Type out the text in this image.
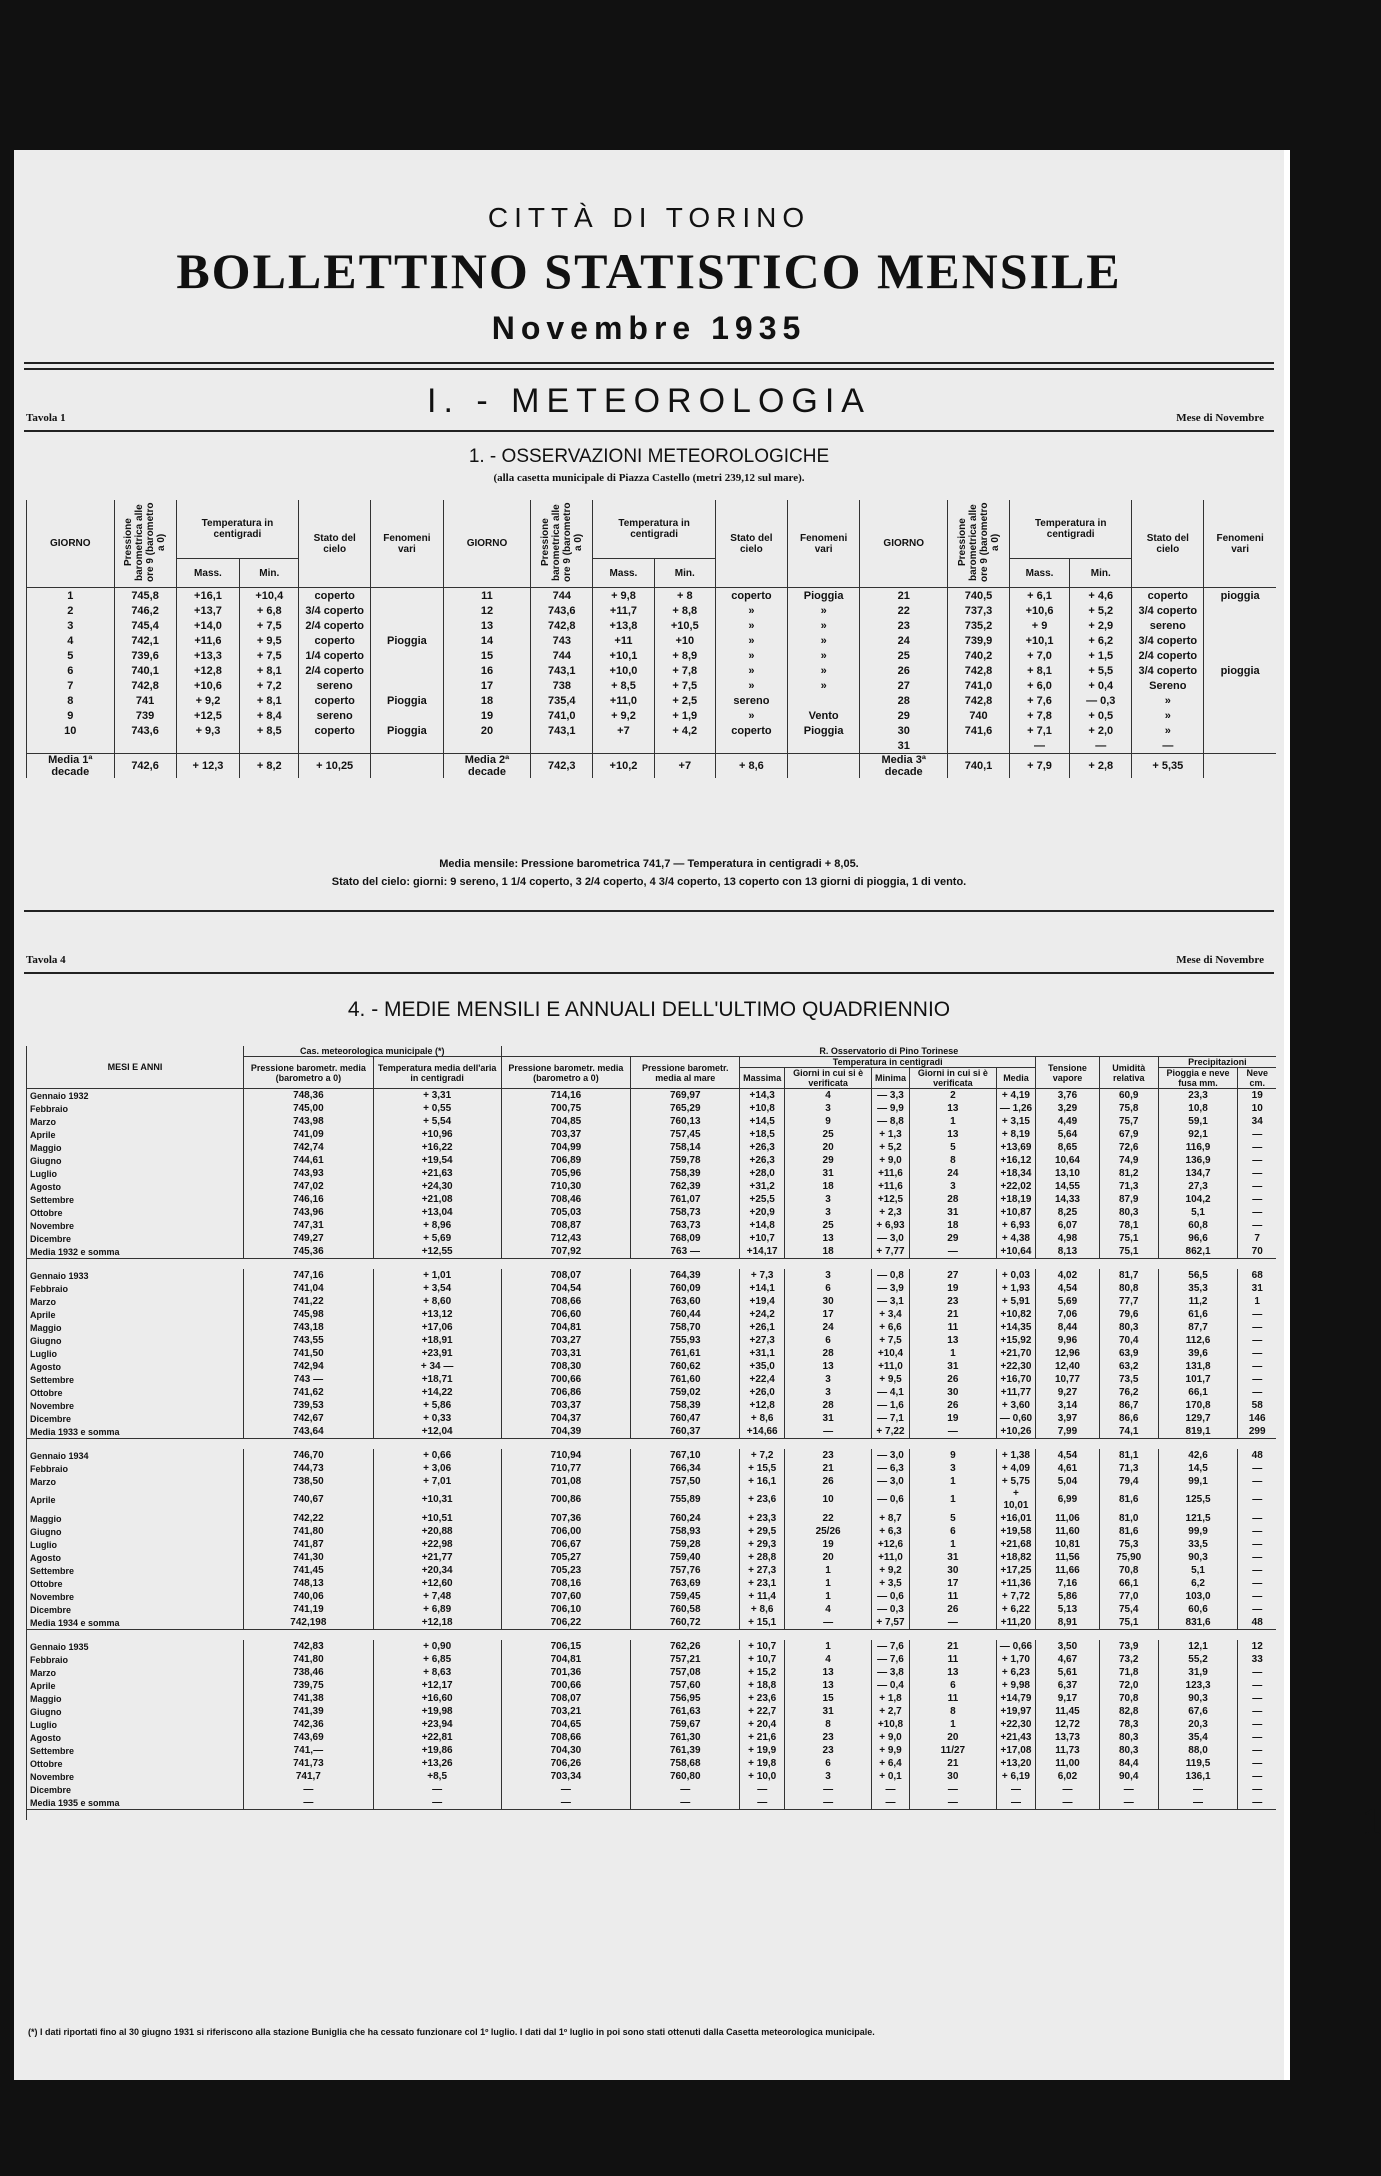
CITTÀ DI TORINO
BOLLETTINO STATISTICO MENSILE
Novembre 1935
I. - METEOROLOGIA
Tavola 1	Mese di Novembre
1. - OSSERVAZIONI METEOROLOGICHE
(alla casetta municipale di Piazza Castello (metri 239,12 sul mare).
GIORNO	Pressione barometrica alle ore 9 (barometro a 0)	Temperatura in centigradi		Stato del cielo	Fenomeni vari	GIORNO	Pressione barometrica alle ore 9 (barometro a 0)	Temperatura in centigradi		Stato del cielo	Fenomeni vari	GIORNO	Pressione barometrica alle ore 9 (barometro a 0)	Temperatura in centigradi		Stato del cielo	Fenomeni vari
		Mass.	Min.					Mass.	Min.					Mass.	Min.		
1	745,8	+16,1	+10,4	coperto		11	744	+ 9,8	+ 8	coperto	Pioggia	21	740,5	+ 6,1	+ 4,6	coperto	pioggia
2	746,2	+13,7	+ 6,8	3/4 coperto		12	743,6	+11,7	+ 8,8	»	»	22	737,3	+10,6	+ 5,2	3/4 coperto	
3	745,4	+14,0	+ 7,5	2/4 coperto		13	742,8	+13,8	+10,5	»	»	23	735,2	+ 9	+ 2,9	sereno	
4	742,1	+11,6	+ 9,5	coperto	Pioggia	14	743	+11	+10	»	»	24	739,9	+10,1	+ 6,2	3/4 coperto	
5	739,6	+13,3	+ 7,5	1/4 coperto		15	744	+10,1	+ 8,9	»	»	25	740,2	+ 7,0	+ 1,5	2/4 coperto	
6	740,1	+12,8	+ 8,1	2/4 coperto		16	743,1	+10,0	+ 7,8	»	»	26	742,8	+ 8,1	+ 5,5	3/4 coperto	pioggia
7	742,8	+10,6	+ 7,2	sereno		17	738	+ 8,5	+ 7,5	»	»	27	741,0	+ 6,0	+ 0,4	Sereno	
8	741	+ 9,2	+ 8,1	coperto	Pioggia	18	735,4	+11,0	+ 2,5	sereno		28	742,8	+ 7,6	— 0,3	»	
9	739	+12,5	+ 8,4	sereno		19	741,0	+ 9,2	+ 1,9	»	Vento	29	740	+ 7,8	+ 0,5	»	
10	743,6	+ 9,3	+ 8,5	coperto	Pioggia	20	743,1	+7	+ 4,2	coperto	Pioggia	30	741,6	+ 7,1	+ 2,0	»	
												31		—	—	—	
Media 1ª decade	742,6	+ 12,3	+ 8,2	+ 10,25		Media 2ª decade	742,3	+10,2	+7	+ 8,6		Media 3ª decade	740,1	+ 7,9	+ 2,8	+ 5,35	
Media mensile: Pressione barometrica 741,7 — Temperatura in centigradi + 8,05.
Stato del cielo: giorni: 9 sereno, 1 1/4 coperto, 3 2/4 coperto, 4 3/4 coperto, 13 coperto con 13 giorni di pioggia, 1 di vento.
Tavola 4	Mese di Novembre
4. - MEDIE MENSILI E ANNUALI DELL'ULTIMO QUADRIENNIO
MESI E ANNI	Cas. meteorologica municipale (*)		R. Osservatorio di Pino Torinese										
	Pressione barometr. media (barometro a 0)	Temperatura media dell'aria in centigradi	Pressione barometr. media (barometro a 0)	Pressione barometr. media al mare	Temperatura in centigradi					Tensione vapore	Umidità relativa	Precipitazioni	
					Massima	Giorni in cui si è verificata	Minima	Giorni in cui si è verificata	Media			Pioggia e neve fusa mm.	Neve cm.
Gennaio 1932	748,36	+ 3,31	714,16	769,97	+14,3	4	— 3,3	2	+ 4,19	3,76	60,9	23,3	19
Febbraio	745,00	+ 0,55	700,75	765,29	+10,8	3	— 9,9	13	— 1,26	3,29	75,8	10,8	10
Marzo	743,98	+ 5,54	704,85	760,13	+14,5	9	— 8,8	1	+ 3,15	4,49	75,7	59,1	34
Aprile	741,09	+10,96	703,37	757,45	+18,5	25	+ 1,3	13	+ 8,19	5,64	67,9	92,1	—
Maggio	742,74	+16,22	704,99	758,14	+26,3	20	+ 5,2	5	+13,69	8,65	72,6	116,9	—
Giugno	744,61	+19,54	706,89	759,78	+26,3	29	+ 9,0	8	+16,12	10,64	74,9	136,9	—
Luglio	743,93	+21,63	705,96	758,39	+28,0	31	+11,6	24	+18,34	13,10	81,2	134,7	—
Agosto	747,02	+24,30	710,30	762,39	+31,2	18	+11,6	3	+22,02	14,55	71,3	27,3	—
Settembre	746,16	+21,08	708,46	761,07	+25,5	3	+12,5	28	+18,19	14,33	87,9	104,2	—
Ottobre	743,96	+13,04	705,03	758,73	+20,9	3	+ 2,3	31	+10,87	8,25	80,3	5,1	—
Novembre	747,31	+ 8,96	708,87	763,73	+14,8	25	+ 6,93	18	+ 6,93	6,07	78,1	60,8	—
Dicembre	749,27	+ 5,69	712,43	768,09	+10,7	13	— 3,0	29	+ 4,38	4,98	75,1	96,6	7
Media 1932 e somma	745,36	+12,55	707,92	763 —	+14,17	18	+ 7,77	—	+10,64	8,13	75,1	862,1	70

Gennaio 1933	747,16	+ 1,01	708,07	764,39	+ 7,3	3	— 0,8	27	+ 0,03	4,02	81,7	56,5	68
Febbraio	741,04	+ 3,54	704,54	760,09	+14,1	6	— 3,9	19	+ 1,93	4,54	80,8	35,3	31
Marzo	741,22	+ 8,60	708,66	763,60	+19,4	30	— 3,1	23	+ 5,91	5,69	77,7	11,2	1
Aprile	745,98	+13,12	706,60	760,44	+24,2	17	+ 3,4	21	+10,82	7,06	79,6	61,6	—
Maggio	743,18	+17,06	704,81	758,70	+26,1	24	+ 6,6	11	+14,35	8,44	80,3	87,7	—
Giugno	743,55	+18,91	703,27	755,93	+27,3	6	+ 7,5	13	+15,92	9,96	70,4	112,6	—
Luglio	741,50	+23,91	703,31	761,61	+31,1	28	+10,4	1	+21,70	12,96	63,9	39,6	—
Agosto	742,94	+ 34 —	708,30	760,62	+35,0	13	+11,0	31	+22,30	12,40	63,2	131,8	—
Settembre	743 —	+18,71	700,66	761,60	+22,4	3	+ 9,5	26	+16,70	10,77	73,5	101,7	—
Ottobre	741,62	+14,22	706,86	759,02	+26,0	3	— 4,1	30	+11,77	9,27	76,2	66,1	—
Novembre	739,53	+ 5,86	703,37	758,39	+12,8	28	— 1,6	26	+ 3,60	3,14	86,7	170,8	58
Dicembre	742,67	+ 0,33	704,37	760,47	+ 8,6	31	— 7,1	19	— 0,60	3,97	86,6	129,7	146
Media 1933 e somma	743,64	+12,04	704,39	760,37	+14,66	—	+ 7,22	—	+10,26	7,99	74,1	819,1	299

Gennaio 1934	746,70	+ 0,66	710,94	767,10	+ 7,2	23	— 3,0	9	+ 1,38	4,54	81,1	42,6	48
Febbraio	744,73	+ 3,06	710,77	766,34	+ 15,5	21	— 6,3	3	+ 4,09	4,61	71,3	14,5	—
Marzo	738,50	+ 7,01	701,08	757,50	+ 16,1	26	— 3,0	1	+ 5,75	5,04	79,4	99,1	—
Aprile	740,67	+10,31	700,86	755,89	+ 23,6	10	— 0,6	1	+ 10,01	6,99	81,6	125,5	—
Maggio	742,22	+10,51	707,36	760,24	+ 23,3	22	+ 8,7	5	+16,01	11,06	81,0	121,5	—
Giugno	741,80	+20,88	706,00	758,93	+ 29,5	25/26	+ 6,3	6	+19,58	11,60	81,6	99,9	—
Luglio	741,87	+22,98	706,67	759,28	+ 29,3	19	+12,6	1	+21,68	10,81	75,3	33,5	—
Agosto	741,30	+21,77	705,27	759,40	+ 28,8	20	+11,0	31	+18,82	11,56	75,90	90,3	—
Settembre	741,45	+20,34	705,23	757,76	+ 27,3	1	+ 9,2	30	+17,25	11,66	70,8	5,1	—
Ottobre	748,13	+12,60	708,16	763,69	+ 23,1	1	+ 3,5	17	+11,36	7,16	66,1	6,2	—
Novembre	740,06	+ 7,48	707,60	759,45	+ 11,4	1	— 0,6	11	+ 7,72	5,86	77,0	103,0	—
Dicembre	741,19	+ 6,89	706,10	760,58	+ 8,6	4	— 0,3	26	+ 6,22	5,13	75,4	60,6	—
Media 1934 e somma	742,198	+12,18	706,22	760,72	+ 15,1	—	+ 7,57	—	+11,20	8,91	75,1	831,6	48

Gennaio 1935	742,83	+ 0,90	706,15	762,26	+ 10,7	1	— 7,6	21	— 0,66	3,50	73,9	12,1	12
Febbraio	741,80	+ 6,85	704,81	757,21	+ 10,7	4	— 7,6	11	+ 1,70	4,67	73,2	55,2	33
Marzo	738,46	+ 8,63	701,36	757,08	+ 15,2	13	— 3,8	13	+ 6,23	5,61	71,8	31,9	—
Aprile	739,75	+12,17	700,66	757,60	+ 18,8	13	— 0,4	6	+ 9,98	6,37	72,0	123,3	—
Maggio	741,38	+16,60	708,07	756,95	+ 23,6	15	+ 1,8	11	+14,79	9,17	70,8	90,3	—
Giugno	741,39	+19,98	703,21	761,63	+ 22,7	31	+ 2,7	8	+19,97	11,45	82,8	67,6	—
Luglio	742,36	+23,94	704,65	759,67	+ 20,4	8	+10,8	1	+22,30	12,72	78,3	20,3	—
Agosto	743,69	+22,81	708,66	761,30	+ 21,6	23	+ 9,0	20	+21,43	13,73	80,3	35,4	—
Settembre	741,—	+19,86	704,30	761,39	+ 19,9	23	+ 9,9	11/27	+17,08	11,73	80,3	88,0	—
Ottobre	741,73	+13,26	706,26	758,68	+ 19,8	6	+ 6,4	21	+13,20	11,00	84,4	119,5	—
Novembre	741,7	+8,5	703,34	760,80	+ 10,0	3	+ 0,1	30	+ 6,19	6,02	90,4	136,1	—
Dicembre	—	—	—	—	—	—	—	—	—	—	—	—	—
Media 1935 e somma	—	—	—	—	—	—	—	—	—	—	—	—	—

(*) I dati riportati fino al 30 giugno 1931 si riferiscono alla stazione Buniglia che ha cessato funzionare col 1º luglio. I dati dal 1º luglio in poi sono stati ottenuti dalla Casetta meteorologica municipale.
1
